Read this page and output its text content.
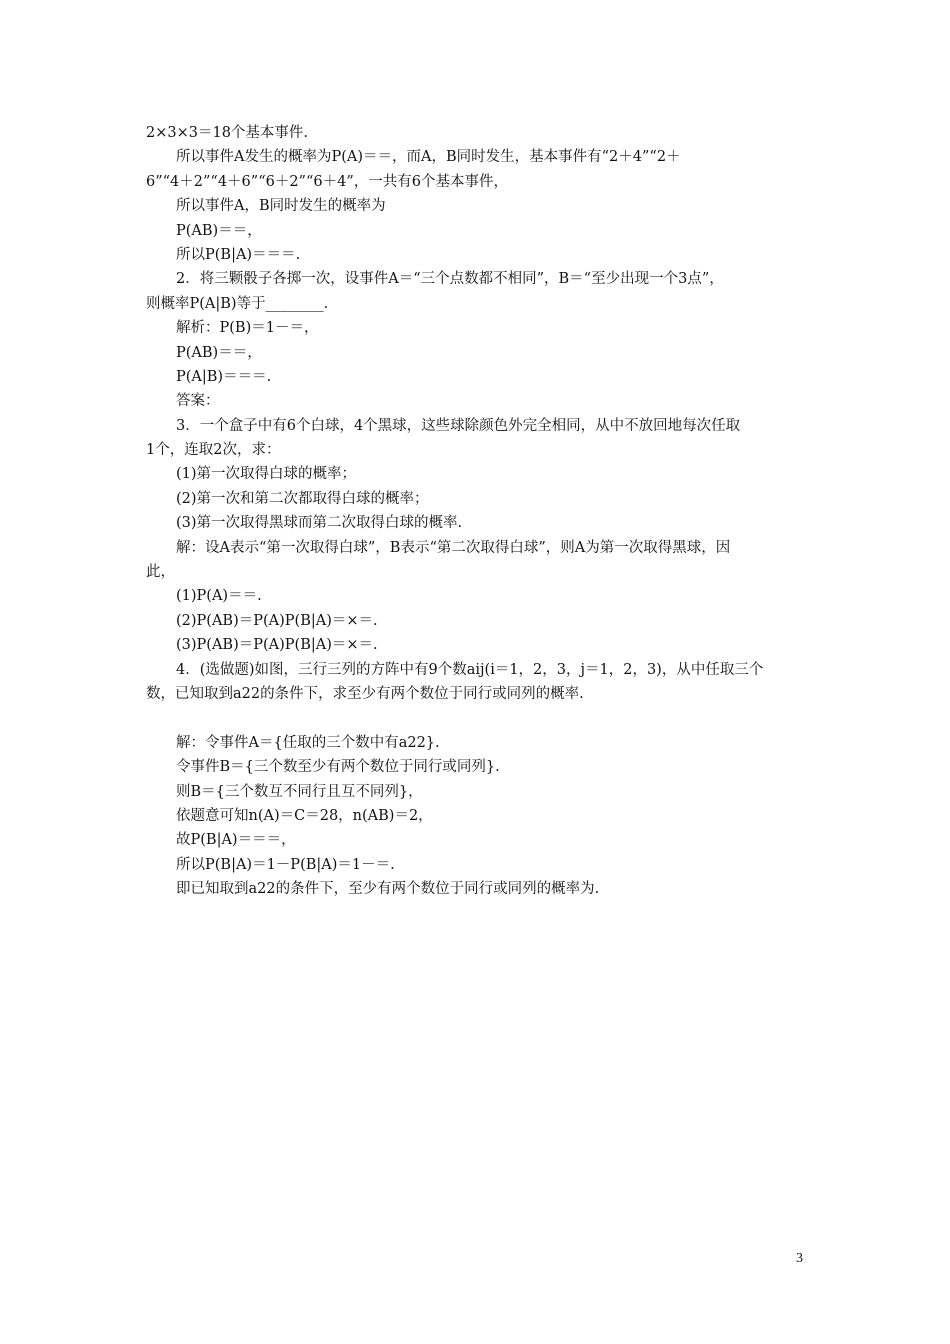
2×3×3＝18个基本事件.
所以事件A发生的概率为P(A)＝＝，而A，B同时发生，基本事件有“2＋4”“2＋
6”“4＋2”“4＋6”“6＋2”“6＋4”，一共有6个基本事件，
所以事件A，B同时发生的概率为
P(AB)＝＝，
所以P(B|A)＝＝＝.
2．将三颗骰子各掷一次，设事件A＝“三个点数都不相同”，B＝“至少出现一个3点”，
则概率P(A|B)等于________.
解析：P(B)＝1－＝，
P(AB)＝＝，
P(A|B)＝＝＝.
答案：
3．一个盒子中有6个白球，4个黑球，这些球除颜色外完全相同，从中不放回地每次任取
1个，连取2次，求：
(1)第一次取得白球的概率；
(2)第一次和第二次都取得白球的概率；
(3)第一次取得黑球而第二次取得白球的概率.
解：设A表示“第一次取得白球”，B表示“第二次取得白球”，则A为第一次取得黑球，因
此，
(1)P(A)＝＝.
(2)P(AB)＝P(A)P(B|A)＝×＝.
(3)P(AB)＝P(A)P(B|A)＝×＝.
4．(选做题)如图，三行三列的方阵中有9个数aij(i＝1，2，3，j＝1，2，3)，从中任取三个
数，已知取到a22的条件下，求至少有两个数位于同行或同列的概率.
解：令事件A＝{任取的三个数中有a22}.
令事件B＝{三个数至少有两个数位于同行或同列}.
则B＝{三个数互不同行且互不同列}，
依题意可知n(A)＝C＝28，n(AB)＝2，
故P(B|A)＝＝＝，
所以P(B|A)＝1－P(B|A)＝1－＝.
即已知取到a22的条件下，至少有两个数位于同行或同列的概率为.
3
